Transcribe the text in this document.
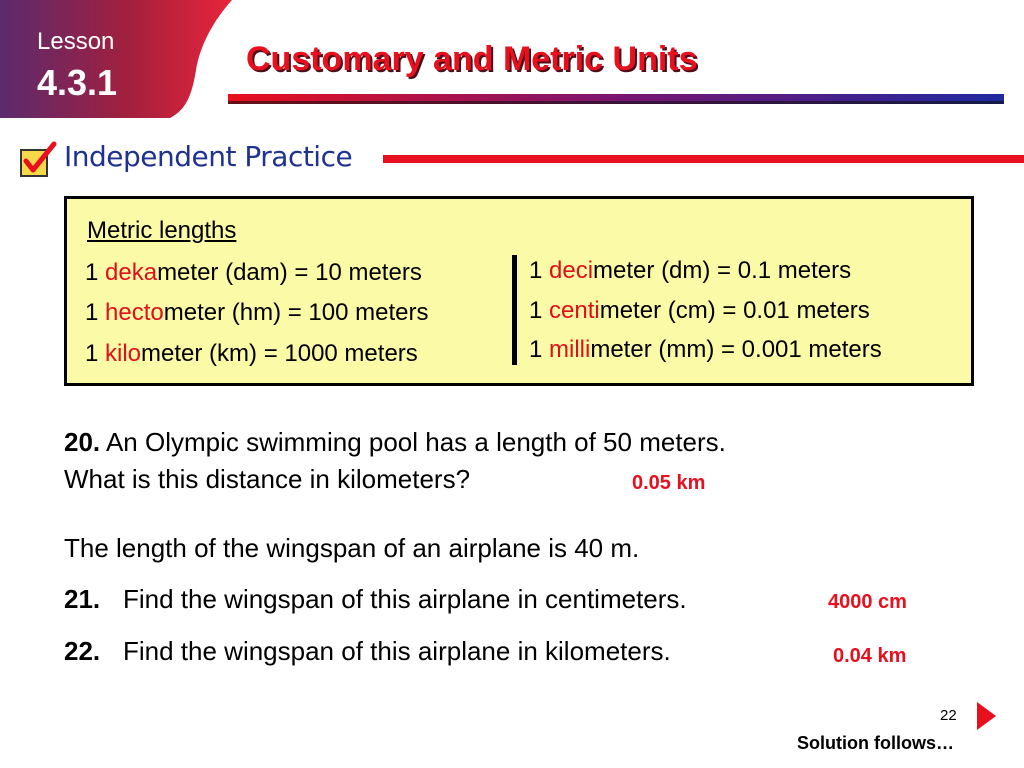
Lesson
4.3.1
Customary and Metric Units
Independent Practice
Metric lengths
1 dekameter (dam) = 10 meters
1 hectometer (hm) = 100 meters
1 kilometer (km) = 1000 meters
1 decimeter (dm) = 0.1 meters
1 centimeter (cm) = 0.01 meters
1 millimeter (mm) = 0.001 meters
20. An Olympic swimming pool has a length of 50 meters.
What is this distance in kilometers?	0.05 km
The length of the wingspan of an airplane is 40 m.
21. Find the wingspan of this airplane in centimeters.	4000 cm
22. Find the wingspan of this airplane in kilometers.	0.04 km
22
Solution follows…
